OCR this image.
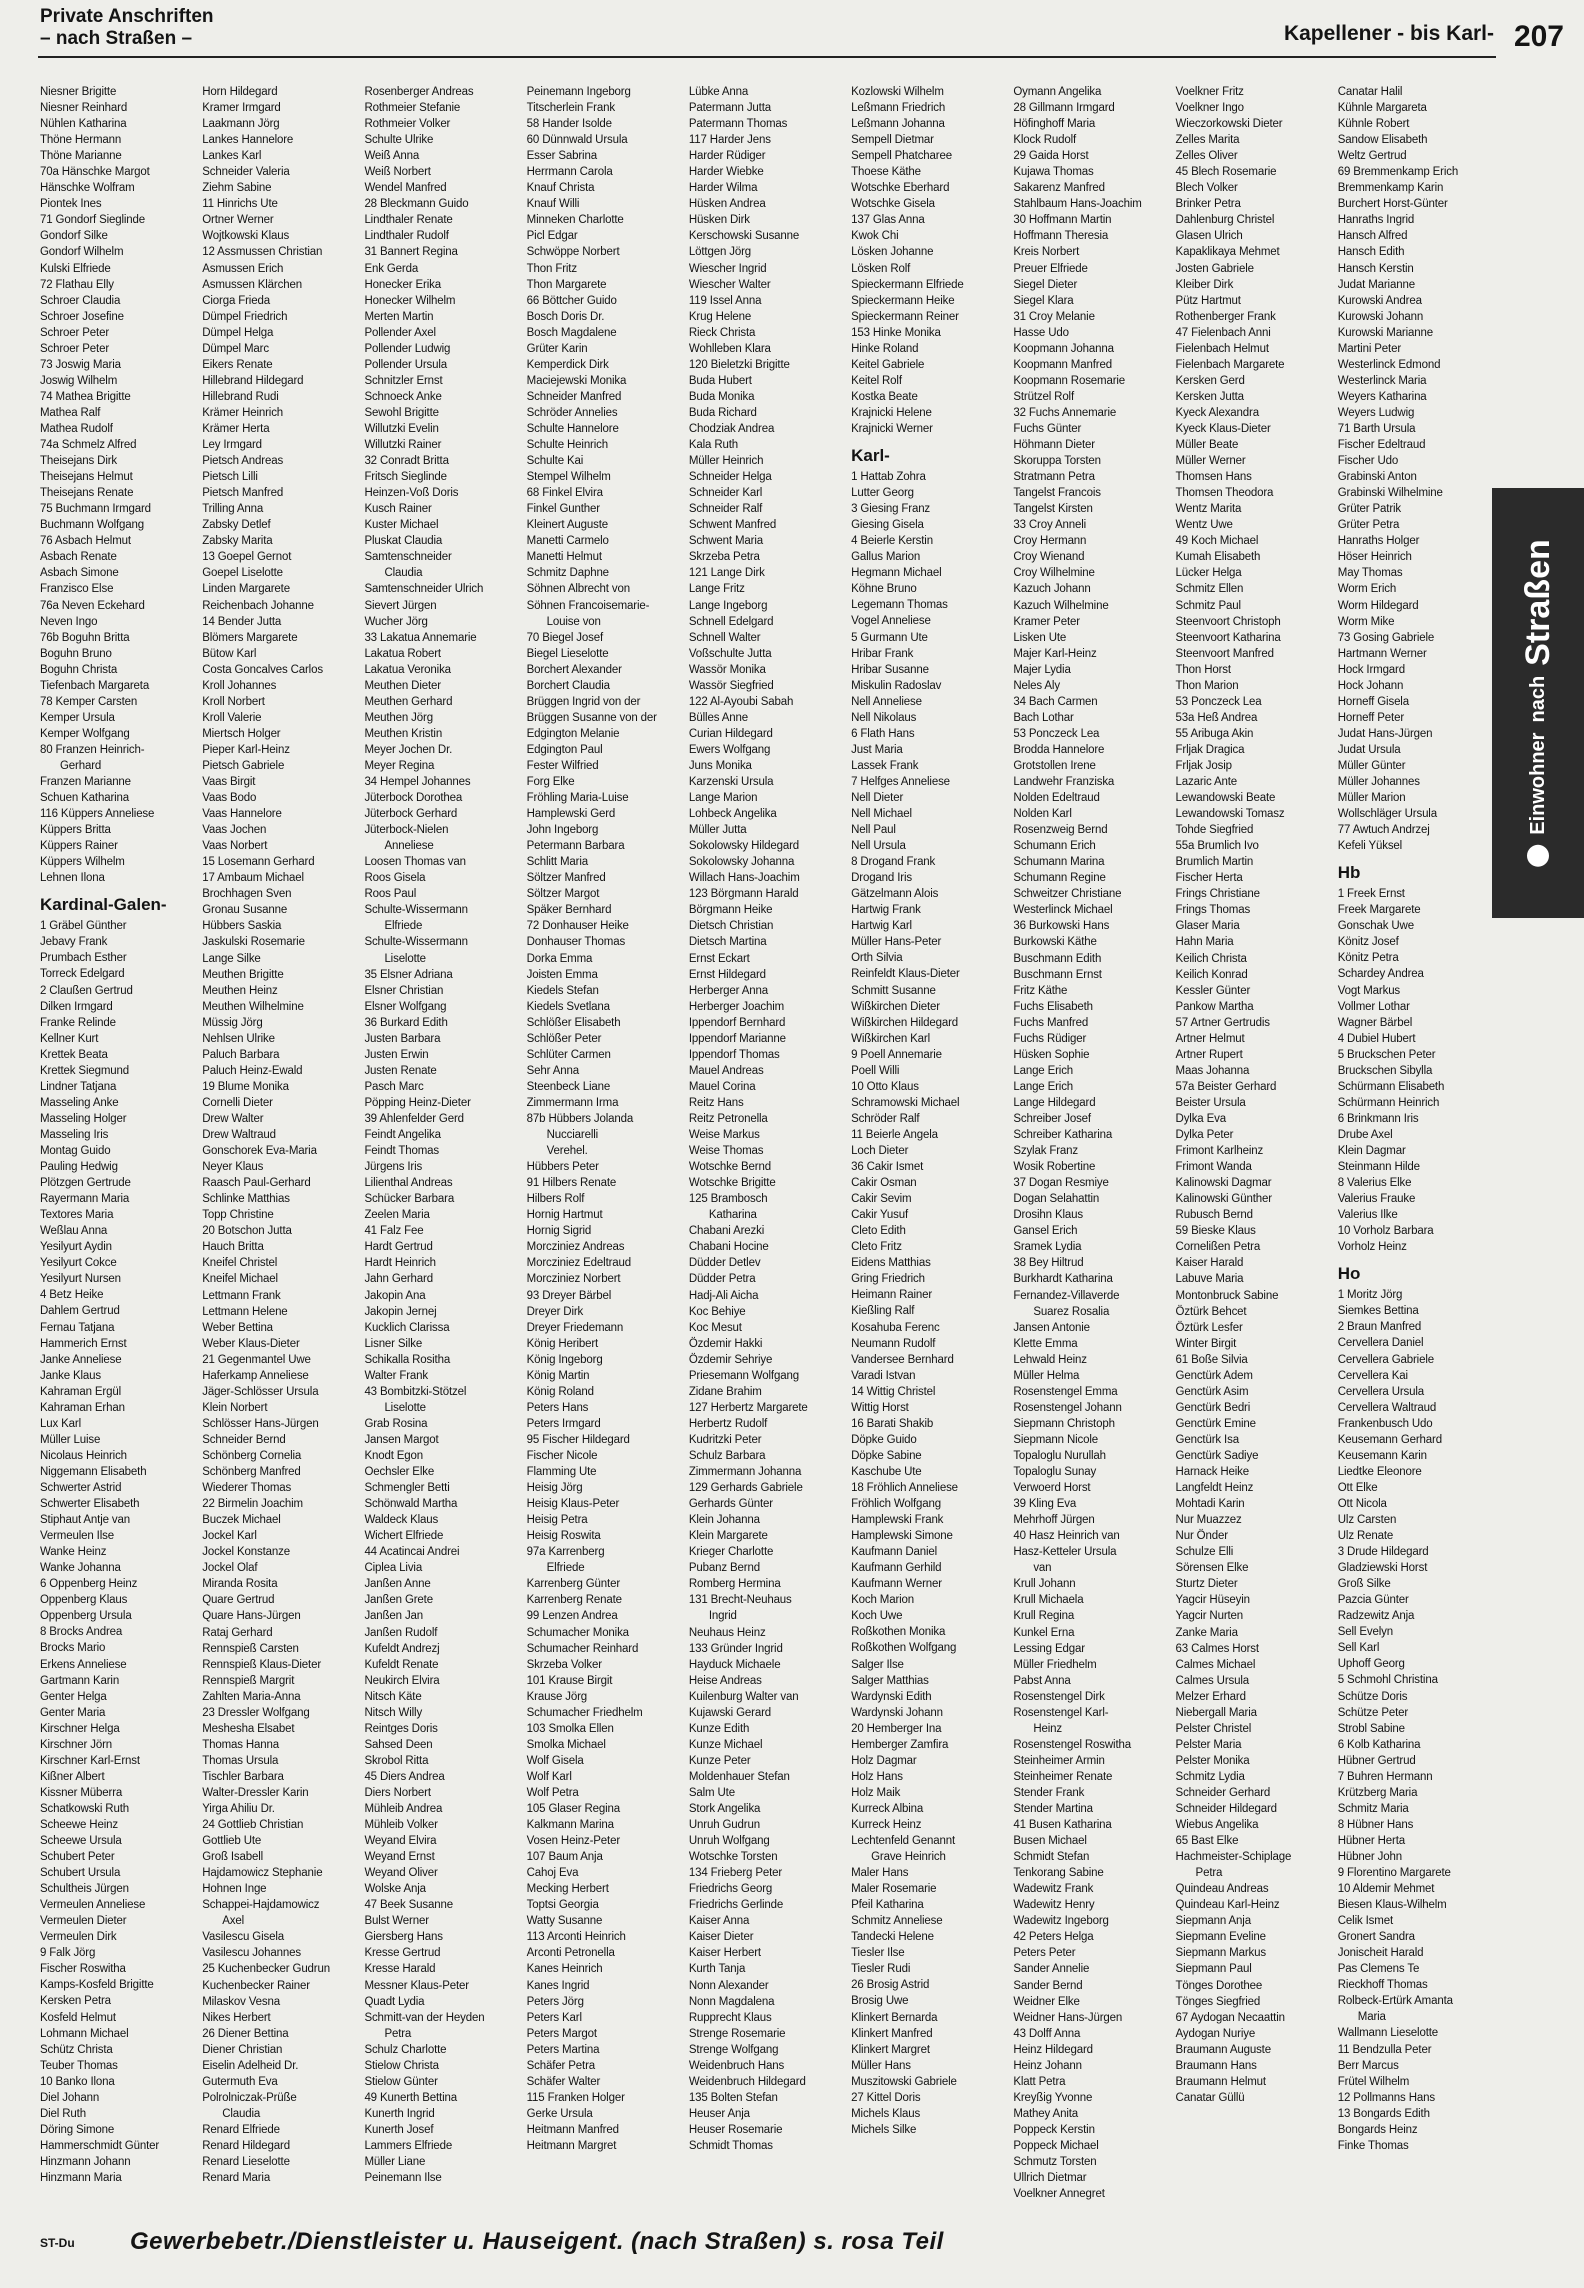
Private Anschriften
– nach Straßen –	Kapellener - bis Karl- 207
Niesner Brigitte
Niesner Reinhard
Nühlen Katharina
Thöne Hermann
Thöne Marianne
70a Hänschke Margot
Hänschke Wolfram
Piontek Ines
71 Gondorf Sieglinde
Gondorf Silke
Gondorf Wilhelm
Kulski Elfriede
72 Flathau Elly
Schroer Claudia
Schroer Josefine
Schroer Peter
Schroer Peter
73 Joswig Maria
Joswig Wilhelm
74 Mathea Brigitte
Mathea Ralf
Mathea Rudolf
74a Schmelz Alfred
Theisejans Dirk
Theisejans Helmut
Theisejans Renate
75 Buchmann Irmgard
Buchmann Wolfgang
76 Asbach Helmut
Asbach Renate
Asbach Simone
Franzisco Else
76a Neven Eckehard
Neven Ingo
76b Boguhn Britta
Boguhn Bruno
Boguhn Christa
Tiefenbach Margareta
78 Kemper Carsten
Kemper Ursula
Kemper Wolfgang
80 Franzen Heinrich-
Gerhard
Franzen Marianne
Schuen Katharina
116 Küppers Anneliese
Küppers Britta
Küppers Rainer
Küppers Wilhelm
Lehnen Ilona
Kardinal-Galen-
1 Gräbel Günther
Jebavy Frank
Prumbach Esther
Torreck Edelgard
2 Claußen Gertrud
Dilken Irmgard
Franke Relinde
Kellner Kurt
Krettek Beata
Krettek Siegmund
Lindner Tatjana
Masseling Anke
Masseling Holger
Masseling Iris
Montag Guido
Pauling Hedwig
Plötzgen Gertrude
Rayermann Maria
Textores Maria
Weßlau Anna
Yesilyurt Aydin
Yesilyurt Cokce
Yesilyurt Nursen
4 Betz Heike
Dahlem Gertrud
Fernau Tatjana
Hammerich Ernst
Janke Anneliese
Janke Klaus
Kahraman Ergül
Kahraman Erhan
Lux Karl
Müller Luise
Nicolaus Heinrich
Niggemann Elisabeth
Schwerter Astrid
Schwerter Elisabeth
Stiphaut Antje van
Vermeulen Ilse
Wanke Heinz
Wanke Johanna
6 Oppenberg Heinz
Oppenberg Klaus
Oppenberg Ursula
8 Brocks Andrea
Brocks Mario
Erkens Anneliese
Gartmann Karin
Genter Helga
Genter Maria
Kirschner Helga
Kirschner Jörn
Kirschner Karl-Ernst
Kißner Albert
Kissner Müberra
Schatkowski Ruth
Scheewe Heinz
Scheewe Ursula
Schubert Peter
Schubert Ursula
Schultheis Jürgen
Vermeulen Anneliese
Vermeulen Dieter
Vermeulen Dirk
9 Falk Jörg
Fischer Roswitha
Kamps-Kosfeld Brigitte
Kersken Petra
Kosfeld Helmut
Lohmann Michael
Schütz Christa
Teuber Thomas
10 Banko Ilona
Diel Johann
Diel Ruth
Döring Simone
Hammerschmidt Günter
Hinzmann Johann
Hinzmann Maria
Horn Hildegard
Kramer Irmgard
Laakmann Jörg
Lankes Hannelore
Lankes Karl
Schneider Valeria
Ziehm Sabine
11 Hinrichs Ute
Ortner Werner
Wojtkowski Klaus
12 Assmussen Christian
Asmussen Erich
Asmussen Klärchen
Ciorga Frieda
Dümpel Friedrich
Dümpel Helga
Dümpel Marc
Eikers Renate
Hillebrand Hildegard
Hillebrand Rudi
Krämer Heinrich
Krämer Herta
Ley Irmgard
Pietsch Andreas
Pietsch Lilli
Pietsch Manfred
Trilling Anna
Zabsky Detlef
Zabsky Marita
13 Goepel Gernot
Goepel Liselotte
Linden Margarete
Reichenbach Johanne
14 Bender Jutta
Blömers Margarete
Bütow Karl
Costa Goncalves Carlos
Kroll Johannes
Kroll Norbert
Kroll Valerie
Miertsch Holger
Pieper Karl-Heinz
Pietsch Gabriele
Vaas Birgit
Vaas Bodo
Vaas Hannelore
Vaas Jochen
Vaas Norbert
15 Losemann Gerhard
17 Ambaum Michael
Brochhagen Sven
Gronau Susanne
Hübbers Saskia
Jaskulski Rosemarie
Lange Silke
Meuthen Brigitte
Meuthen Heinz
Meuthen Wilhelmine
Müssig Jörg
Nehlsen Ulrike
Paluch Barbara
Paluch Heinz-Ewald
19 Blume Monika
Cornelli Dieter
Drew Walter
Drew Waltraud
Gonschorek Eva-Maria
Neyer Klaus
Raasch Paul-Gerhard
Schlinke Matthias
Topp Christine
20 Botschon Jutta
Hauch Britta
Kneifel Christel
Kneifel Michael
Lettmann Frank
Lettmann Helene
Weber Bettina
Weber Klaus-Dieter
21 Gegenmantel Uwe
Haferkamp Anneliese
Jäger-Schlösser Ursula
Klein Norbert
Schlösser Hans-Jürgen
Schneider Bernd
Schönberg Cornelia
Schönberg Manfred
Wiederer Thomas
22 Birmelin Joachim
Buczek Michael
Jockel Karl
Jockel Konstanze
Jockel Olaf
Miranda Rosita
Quare Gertrud
Quare Hans-Jürgen
Rataj Gerhard
Rennspieß Carsten
Rennspieß Klaus-Dieter
Rennspieß Margrit
Zahlten Maria-Anna
23 Dressler Wolfgang
Meshesha Elsabet
Thomas Hanna
Thomas Ursula
Tischler Barbara
Walter-Dressler Karin
Yirga Ahiliu Dr.
24 Gottlieb Christian
Gottlieb Ute
Groß Isabell
Hajdamowicz Stephanie
Hohnen Inge
Schappei-Hajdamowicz
Axel
Vasilescu Gisela
Vasilescu Johannes
25 Kuchenbecker Gudrun
Kuchenbecker Rainer
Milaskov Vesna
Nikes Herbert
26 Diener Bettina
Diener Christian
Eiselin Adelheid Dr.
Gutermuth Eva
Polrolniczak-Prüße
Claudia
Renard Elfriede
Renard Hildegard
Renard Lieselotte
Renard Maria
Rosenberger Andreas
Rothmeier Stefanie
Rothmeier Volker
Schulte Ulrike
Weiß Anna
Weiß Norbert
Wendel Manfred
28 Bleckmann Guido
Lindthaler Renate
Lindthaler Rudolf
31 Bannert Regina
Enk Gerda
Honecker Erika
Honecker Wilhelm
Merten Martin
Pollender Axel
Pollender Ludwig
Pollender Ursula
Schnitzler Ernst
Schnoeck Anke
Sewohl Brigitte
Willutzki Evelin
Willutzki Rainer
32 Conradt Britta
Fritsch Sieglinde
Heinzen-Voß Doris
Kusch Rainer
Kuster Michael
Pluskat Claudia
Samtenschneider
Claudia
Samtenschneider Ulrich
Sievert Jürgen
Wucher Jörg
33 Lakatua Annemarie
Lakatua Robert
Lakatua Veronika
Meuthen Dieter
Meuthen Gerhard
Meuthen Jörg
Meuthen Kristin
Meyer Jochen Dr.
Meyer Regina
34 Hempel Johannes
Jüterbock Dorothea
Jüterbock Gerhard
Jüterbock-Nielen
Anneliese
Loosen Thomas van
Roos Gisela
Roos Paul
Schulte-Wissermann
Elfriede
Schulte-Wissermann
Liselotte
35 Elsner Adriana
Elsner Christian
Elsner Wolfgang
36 Burkard Edith
Justen Barbara
Justen Erwin
Justen Renate
Pasch Marc
Pöpping Heinz-Dieter
39 Ahlenfelder Gerd
Feindt Angelika
Feindt Thomas
Jürgens Iris
Lilienthal Andreas
Schücker Barbara
Zeelen Maria
41 Falz Fee
Hardt Gertrud
Hardt Heinrich
Jahn Gerhard
Jakopin Ana
Jakopin Jernej
Kucklich Clarissa
Lisner Silke
Schikalla Rositha
Walter Frank
43 Bombitzki-Stötzel
Liselotte
Grab Rosina
Jansen Margot
Knodt Egon
Oechsler Elke
Schmengler Betti
Schönwald Martha
Waldeck Klaus
Wichert Elfriede
44 Acatincai Andrei
Ciplea Livia
Janßen Anne
Janßen Grete
Janßen Jan
Janßen Rudolf
Kufeldt Andrezj
Kufeldt Renate
Neukirch Elvira
Nitsch Käte
Nitsch Willy
Reintges Doris
Sahsed Deen
Skrobol Ritta
45 Diers Andrea
Diers Norbert
Mühleib Andrea
Mühleib Volker
Weyand Elvira
Weyand Ernst
Weyand Oliver
Wolske Anja
47 Beek Susanne
Bulst Werner
Giersberg Hans
Kresse Gertrud
Kresse Harald
Messner Klaus-Peter
Quadt Lydia
Schmitt-van der Heyden
Petra
Schulz Charlotte
Stielow Christa
Stielow Günter
49 Kunerth Bettina
Kunerth Ingrid
Kunerth Josef
Lammers Elfriede
Müller Liane
Peinemann Ilse
Peinemann Ingeborg
Titscherlein Frank
58 Hander Isolde
60 Dünnwald Ursula
Esser Sabrina
Herrmann Carola
Knauf Christa
Knauf Willi
Minneken Charlotte
Picl Edgar
Schwöppe Norbert
Thon Fritz
Thon Margarete
66 Böttcher Guido
Bosch Doris Dr.
Bosch Magdalene
Grüter Karin
Kemperdick Dirk
Maciejewski Monika
Schneider Manfred
Schröder Annelies
Schulte Hannelore
Schulte Heinrich
Schulte Kai
Stempel Wilhelm
68 Finkel Elvira
Finkel Gunther
Kleinert Auguste
Manetti Carmelo
Manetti Helmut
Schmitz Daphne
Söhnen Albrecht von
Söhnen Francoisemarie-
Louise von
70 Biegel Josef
Biegel Lieselotte
Borchert Alexander
Borchert Claudia
Brüggen Ingrid von der
Brüggen Susanne von der
Edgington Melanie
Edgington Paul
Fester Wilfried
Forg Elke
Fröhling Maria-Luise
Hamplewski Gerd
John Ingeborg
Petermann Barbara
Schlitt Maria
Söltzer Manfred
Söltzer Margot
Späker Bernhard
72 Donhauser Heike
Donhauser Thomas
Dorka Emma
Joisten Emma
Kiedels Stefan
Kiedels Svetlana
Schlößer Elisabeth
Schlößer Peter
Schlüter Carmen
Sehr Anna
Steenbeck Liane
Zimmermann Irma
87b Hübbers Jolanda
Nucciarelli
Verehel.
Hübbers Peter
91 Hilbers Renate
Hilbers Rolf
Hornig Hartmut
Hornig Sigrid
Morcziniez Andreas
Morcziniez Edeltraud
Morcziniez Norbert
93 Dreyer Bärbel
Dreyer Dirk
Dreyer Friedemann
König Heribert
König Ingeborg
König Martin
König Roland
Peters Hans
Peters Irmgard
95 Fischer Hildegard
Fischer Nicole
Flamming Ute
Heisig Jörg
Heisig Klaus-Peter
Heisig Petra
Heisig Roswita
97a Karrenberg
Elfriede
Karrenberg Günter
Karrenberg Renate
99 Lenzen Andrea
Schumacher Monika
Schumacher Reinhard
Skrzeba Volker
101 Krause Birgit
Krause Jörg
Schumacher Friedhelm
103 Smolka Ellen
Smolka Michael
Wolf Gisela
Wolf Karl
Wolf Petra
105 Glaser Regina
Kalkmann Marina
Vosen Heinz-Peter
107 Baum Anja
Cahoj Eva
Mecking Herbert
Toptsi Georgia
Watty Susanne
113 Arconti Heinrich
Arconti Petronella
Kanes Heinrich
Kanes Ingrid
Peters Jörg
Peters Karl
Peters Margot
Peters Martina
Schäfer Petra
Schäfer Walter
115 Franken Holger
Gerke Ursula
Heitmann Manfred
Heitmann Margret
Lübke Anna
Patermann Jutta
Patermann Thomas
117 Harder Jens
Harder Rüdiger
Harder Wiebke
Harder Wilma
Hüsken Andrea
Hüsken Dirk
Kerschowski Susanne
Löttgen Jörg
Wiescher Ingrid
Wiescher Walter
119 Issel Anna
Krug Helene
Rieck Christa
Wohlleben Klara
120 Bieletzki Brigitte
Buda Hubert
Buda Monika
Buda Richard
Chodziak Andrea
Kala Ruth
Müller Heinrich
Schneider Helga
Schneider Karl
Schneider Ralf
Schwent Manfred
Schwent Maria
Skrzeba Petra
121 Lange Dirk
Lange Fritz
Lange Ingeborg
Schnell Edelgard
Schnell Walter
Voßschulte Jutta
Wassör Monika
Wassör Siegfried
122 Al-Ayoubi Sabah
Bülles Anne
Curian Hildegard
Ewers Wolfgang
Juns Monika
Karzenski Ursula
Lange Marion
Lohbeck Angelika
Müller Jutta
Sokolowsky Hildegard
Sokolowsky Johanna
Willach Hans-Joachim
123 Börgmann Harald
Börgmann Heike
Dietsch Christian
Dietsch Martina
Ernst Eckart
Ernst Hildegard
Herberger Anna
Herberger Joachim
Ippendorf Bernhard
Ippendorf Marianne
Ippendorf Thomas
Mauel Andreas
Mauel Corina
Reitz Hans
Reitz Petronella
Weise Markus
Weise Thomas
Wotschke Bernd
Wotschke Brigitte
125 Brambosch
Katharina
Chabani Arezki
Chabani Hocine
Düdder Detlev
Düdder Petra
Hadj-Ali Aicha
Koc Behiye
Koc Mesut
Özdemir Hakki
Özdemir Sehriye
Priesemann Wolfgang
Zidane Brahim
127 Herbertz Margarete
Herbertz Rudolf
Kudritzki Peter
Schulz Barbara
Zimmermann Johanna
129 Gerhards Gabriele
Gerhards Günter
Klein Johanna
Klein Margarete
Krieger Charlotte
Pubanz Bernd
Romberg Hermina
131 Brecht-Neuhaus
Ingrid
Neuhaus Heinz
133 Gründer Ingrid
Hayduck Michaele
Heise Andreas
Kuilenburg Walter van
Kujawski Gerard
Kunze Edith
Kunze Michael
Kunze Peter
Moldenhauer Stefan
Salm Ute
Stork Angelika
Unruh Gudrun
Unruh Wolfgang
Wotschke Torsten
134 Frieberg Peter
Friedrichs Georg
Friedrichs Gerlinde
Kaiser Anna
Kaiser Dieter
Kaiser Herbert
Kurth Tanja
Nonn Alexander
Nonn Magdalena
Rupprecht Klaus
Strenge Rosemarie
Strenge Wolfgang
Weidenbruch Hans
Weidenbruch Hildegard
135 Bolten Stefan
Heuser Anja
Heuser Rosemarie
Schmidt Thomas
Kozlowski Wilhelm
Leßmann Friedrich
Leßmann Johanna
Sempell Dietmar
Sempell Phatcharee
Thoese Käthe
Wotschke Eberhard
Wotschke Gisela
137 Glas Anna
Kwok Chi
Lösken Johanne
Lösken Rolf
Spieckermann Elfriede
Spieckermann Heike
Spieckermann Reiner
153 Hinke Monika
Hinke Roland
Keitel Gabriele
Keitel Rolf
Kostka Beate
Krajnicki Helene
Krajnicki Werner
Karl-
1 Hattab Zohra
Lutter Georg
3 Giesing Franz
Giesing Gisela
4 Beierle Kerstin
Gallus Marion
Hegmann Michael
Köhne Bruno
Legemann Thomas
Vogel Anneliese
5 Gurmann Ute
Hribar Frank
Hribar Susanne
Miskulin Radoslav
Nell Anneliese
Nell Nikolaus
6 Flath Hans
Just Maria
Lassek Frank
7 Helfges Anneliese
Nell Dieter
Nell Michael
Nell Paul
Nell Ursula
8 Drogand Frank
Drogand Iris
Gätzelmann Alois
Hartwig Frank
Hartwig Karl
Müller Hans-Peter
Orth Silvia
Reinfeldt Klaus-Dieter
Schmitt Susanne
Wißkirchen Dieter
Wißkirchen Hildegard
Wißkirchen Karl
9 Poell Annemarie
Poell Willi
10 Otto Klaus
Schramowski Michael
Schröder Ralf
11 Beierle Angela
Loch Dieter
36 Cakir Ismet
Cakir Osman
Cakir Sevim
Cakir Yusuf
Cleto Edith
Cleto Fritz
Eidens Matthias
Gring Friedrich
Heimann Rainer
Kießling Ralf
Kosahuba Ferenc
Neumann Rudolf
Vandersee Bernhard
Varadi Istvan
14 Wittig Christel
Wittig Horst
16 Barati Shakib
Döpke Guido
Döpke Sabine
Kaschube Ute
18 Fröhlich Anneliese
Fröhlich Wolfgang
Hamplewski Frank
Hamplewski Simone
Kaufmann Daniel
Kaufmann Gerhild
Kaufmann Werner
Koch Marion
Koch Uwe
Roßkothen Monika
Roßkothen Wolfgang
Salger Ilse
Salger Matthias
Wardynski Edith
Wardynski Johann
20 Hemberger Ina
Hemberger Zamfira
Holz Dagmar
Holz Hans
Holz Maik
Kurreck Albina
Kurreck Heinz
Lechtenfeld Genannt
Grave Heinrich
Maler Hans
Maler Rosemarie
Pfeil Katharina
Schmitz Anneliese
Tandecki Helene
Tiesler Ilse
Tiesler Rudi
26 Brosig Astrid
Brosig Uwe
Klinkert Bernarda
Klinkert Manfred
Klinkert Margret
Müller Hans
Muszitowski Gabriele
27 Kittel Doris
Michels Klaus
Michels Silke
Oymann Angelika
28 Gillmann Irmgard
Höfinghoff Maria
Klock Rudolf
29 Gaida Horst
Kujawa Thomas
Sakarenz Manfred
Stahlbaum Hans-Joachim
30 Hoffmann Martin
Hoffmann Theresia
Kreis Norbert
Preuer Elfriede
Siegel Dieter
Siegel Klara
31 Croy Melanie
Hasse Udo
Koopmann Johanna
Koopmann Manfred
Koopmann Rosemarie
Strützel Rolf
32 Fuchs Annemarie
Fuchs Günter
Höhmann Dieter
Skoruppa Torsten
Stratmann Petra
Tangelst Francois
Tangelst Kirsten
33 Croy Anneli
Croy Hermann
Croy Wienand
Croy Wilhelmine
Kazuch Johann
Kazuch Wilhelmine
Kramer Peter
Lisken Ute
Majer Karl-Heinz
Majer Lydia
Neles Aly
34 Bach Carmen
Bach Lothar
53 Ponczeck Lea
Brodda Hannelore
Grotstollen Irene
Landwehr Franziska
Nolden Edeltraud
Nolden Karl
Rosenzweig Bernd
Schumann Erich
Schumann Marina
Schumann Regine
Schweitzer Christiane
Westerlinck Michael
36 Burkowski Hans
Burkowski Käthe
Buschmann Edith
Buschmann Ernst
Fritz Käthe
Fuchs Elisabeth
Fuchs Manfred
Fuchs Rüdiger
Hüsken Sophie
Lange Erich
Lange Erich
Lange Hildegard
Schreiber Josef
Schreiber Katharina
Szylak Franz
Wosik Robertine
37 Dogan Resmiye
Dogan Selahattin
Drosihn Klaus
Gansel Erich
Sramek Lydia
38 Bey Hiltrud
Burkhardt Katharina
Fernandez-Villaverde
Suarez Rosalia
Jansen Antonie
Klette Emma
Lehwald Heinz
Müller Helma
Rosenstengel Emma
Rosenstengel Johann
Siepmann Christoph
Siepmann Nicole
Topaloglu Nurullah
Topaloglu Sunay
Verwoerd Horst
39 Kling Eva
Mehrhoff Jürgen
40 Hasz Heinrich van
Hasz-Ketteler Ursula
van
Krull Johann
Krull Michaela
Krull Regina
Kunkel Erna
Lessing Edgar
Müller Friedhelm
Pabst Anna
Rosenstengel Dirk
Rosenstengel Karl-
Heinz
Rosenstengel Roswitha
Steinheimer Armin
Steinheimer Renate
Stender Frank
Stender Martina
41 Busen Katharina
Busen Michael
Schmidt Stefan
Tenkorang Sabine
Wadewitz Frank
Wadewitz Henry
Wadewitz Ingeborg
42 Peters Helga
Peters Peter
Sander Annelie
Sander Bernd
Weidner Elke
Weidner Hans-Jürgen
43 Dolff Anna
Heinz Hildegard
Heinz Johann
Klatt Petra
Kreyßig Yvonne
Mathey Anita
Poppeck Kerstin
Poppeck Michael
Schmutz Torsten
Ullrich Dietmar
Voelkner Annegret
Voelkner Fritz
Voelkner Ingo
Wieczorkowski Dieter
Zelles Marita
Zelles Oliver
45 Blech Rosemarie
Blech Volker
Brinker Petra
Dahlenburg Christel
Glasen Ulrich
Kapaklikaya Mehmet
Josten Gabriele
Kleiber Dirk
Pütz Hartmut
Rothenberger Frank
47 Fielenbach Anni
Fielenbach Helmut
Fielenbach Margarete
Kersken Gerd
Kersken Jutta
Kyeck Alexandra
Kyeck Klaus-Dieter
Müller Beate
Müller Werner
Thomsen Hans
Thomsen Theodora
Wentz Marita
Wentz Uwe
49 Koch Michael
Kumah Elisabeth
Lücker Helga
Schmitz Ellen
Schmitz Paul
Steenvoort Christoph
Steenvoort Katharina
Steenvoort Manfred
Thon Horst
Thon Marion
53 Ponczeck Lea
53a Heß Andrea
55 Aribuga Akin
Frljak Dragica
Frljak Josip
Lazaric Ante
Lewandowski Beate
Lewandowski Tomasz
Tohde Siegfried
55a Brumlich Ivo
Brumlich Martin
Fischer Herta
Frings Christiane
Frings Thomas
Glaser Maria
Hahn Maria
Keilich Christa
Keilich Konrad
Kessler Günter
Pankow Martha
57 Artner Gertrudis
Artner Helmut
Artner Rupert
Maas Johanna
57a Beister Gerhard
Beister Ursula
Dylka Eva
Dylka Peter
Frimont Karlheinz
Frimont Wanda
Kalinowski Dagmar
Kalinowski Günther
Rubusch Bernd
59 Bieske Klaus
Cornelißen Petra
Kaiser Harald
Labuve Maria
Montonbruck Sabine
Öztürk Behcet
Öztürk Lesfer
Winter Birgit
61 Boße Silvia
Genctürk Adem
Genctürk Asim
Genctürk Bedri
Genctürk Emine
Genctürk Isa
Genctürk Sadiye
Harnack Heike
Langfeldt Heinz
Mohtadi Karin
Nur Muazzez
Nur Önder
Schulze Elli
Sörensen Elke
Sturtz Dieter
Yagcir Hüseyin
Yagcir Nurten
Zanke Maria
63 Calmes Horst
Calmes Michael
Calmes Ursula
Melzer Erhard
Niebergall Maria
Pelster Christel
Pelster Maria
Pelster Monika
Schmitz Lydia
Schneider Gerhard
Schneider Hildegard
Wiebus Angelika
65 Bast Elke
Hachmeister-Schiplage
Petra
Quindeau Andreas
Quindeau Karl-Heinz
Siepmann Anja
Siepmann Eveline
Siepmann Markus
Siepmann Paul
Tönges Dorothee
Tönges Siegfried
67 Aydogan Necaattin
Aydogan Nuriye
Braumann Auguste
Braumann Hans
Braumann Helmut
Canatar Güllü
Canatar Halil
Kühnle Margareta
Kühnle Robert
Sandow Elisabeth
Weltz Gertrud
69 Bremmenkamp Erich
Bremmenkamp Karin
Burchert Horst-Günter
Hanraths Ingrid
Hansch Alfred
Hansch Edith
Hansch Kerstin
Judat Marianne
Kurowski Andrea
Kurowski Johann
Kurowski Marianne
Martini Peter
Westerlinck Edmond
Westerlinck Maria
Weyers Katharina
Weyers Ludwig
71 Barth Ursula
Fischer Edeltraud
Fischer Udo
Grabinski Anton
Grabinski Wilhelmine
Grüter Patrik
Grüter Petra
Hanraths Holger
Höser Heinrich
May Thomas
Worm Erich
Worm Hildegard
Worm Mike
73 Gosing Gabriele
Hartmann Werner
Hock Irmgard
Hock Johann
Horneff Gisela
Horneff Peter
Judat Hans-Jürgen
Judat Ursula
Müller Günter
Müller Johannes
Müller Marion
Wollschläger Ursula
77 Awtuch Andrzej
Kefeli Yüksel
Hb
1 Freek Ernst
Freek Margarete
Gonschak Uwe
Könitz Josef
Könitz Petra
Schardey Andrea
Vogt Markus
Vollmer Lothar
Wagner Bärbel
4 Dubiel Hubert
5 Bruckschen Peter
Bruckschen Sibylla
Schürmann Elisabeth
Schürmann Heinrich
6 Brinkmann Iris
Drube Axel
Klein Dagmar
Steinmann Hilde
8 Valerius Elke
Valerius Frauke
Valerius Ilke
10 Vorholz Barbara
Vorholz Heinz
Ho
1 Moritz Jörg
Siemkes Bettina
2 Braun Manfred
Cervellera Daniel
Cervellera Gabriele
Cervellera Kai
Cervellera Ursula
Cervellera Waltraud
Frankenbusch Udo
Keusemann Gerhard
Keusemann Karin
Liedtke Eleonore
Ott Elke
Ott Nicola
Ulz Carsten
Ulz Renate
3 Drude Hildegard
Gladziewski Horst
Groß Silke
Pazcia Günter
Radzewitz Anja
Sell Evelyn
Sell Karl
Uphoff Georg
5 Schmohl Christina
Schütze Doris
Schütze Peter
Strobl Sabine
6 Kolb Katharina
Hübner Gertrud
7 Buhren Hermann
Krützberg Maria
Schmitz Maria
8 Hübner Hans
Hübner Herta
Hübner John
9 Florentino Margarete
10 Aldemir Mehmet
Biesen Klaus-Wilhelm
Celik Ismet
Gronert Sandra
Jonischeit Harald
Pas Clemens Te
Rieckhoff Thomas
Rolbeck-Ertürk Amanta
Maria
Wallmann Lieselotte
11 Bendzulla Peter
Berr Marcus
Frütel Wilhelm
12 Pollmanns Hans
13 Bongards Edith
Bongards Heinz
Finke Thomas
Einwohner
nach
Straßen
ST-Du Gewerbebetr./Dienstleister u. Hauseigent. (nach Straßen) s. rosa Teil
